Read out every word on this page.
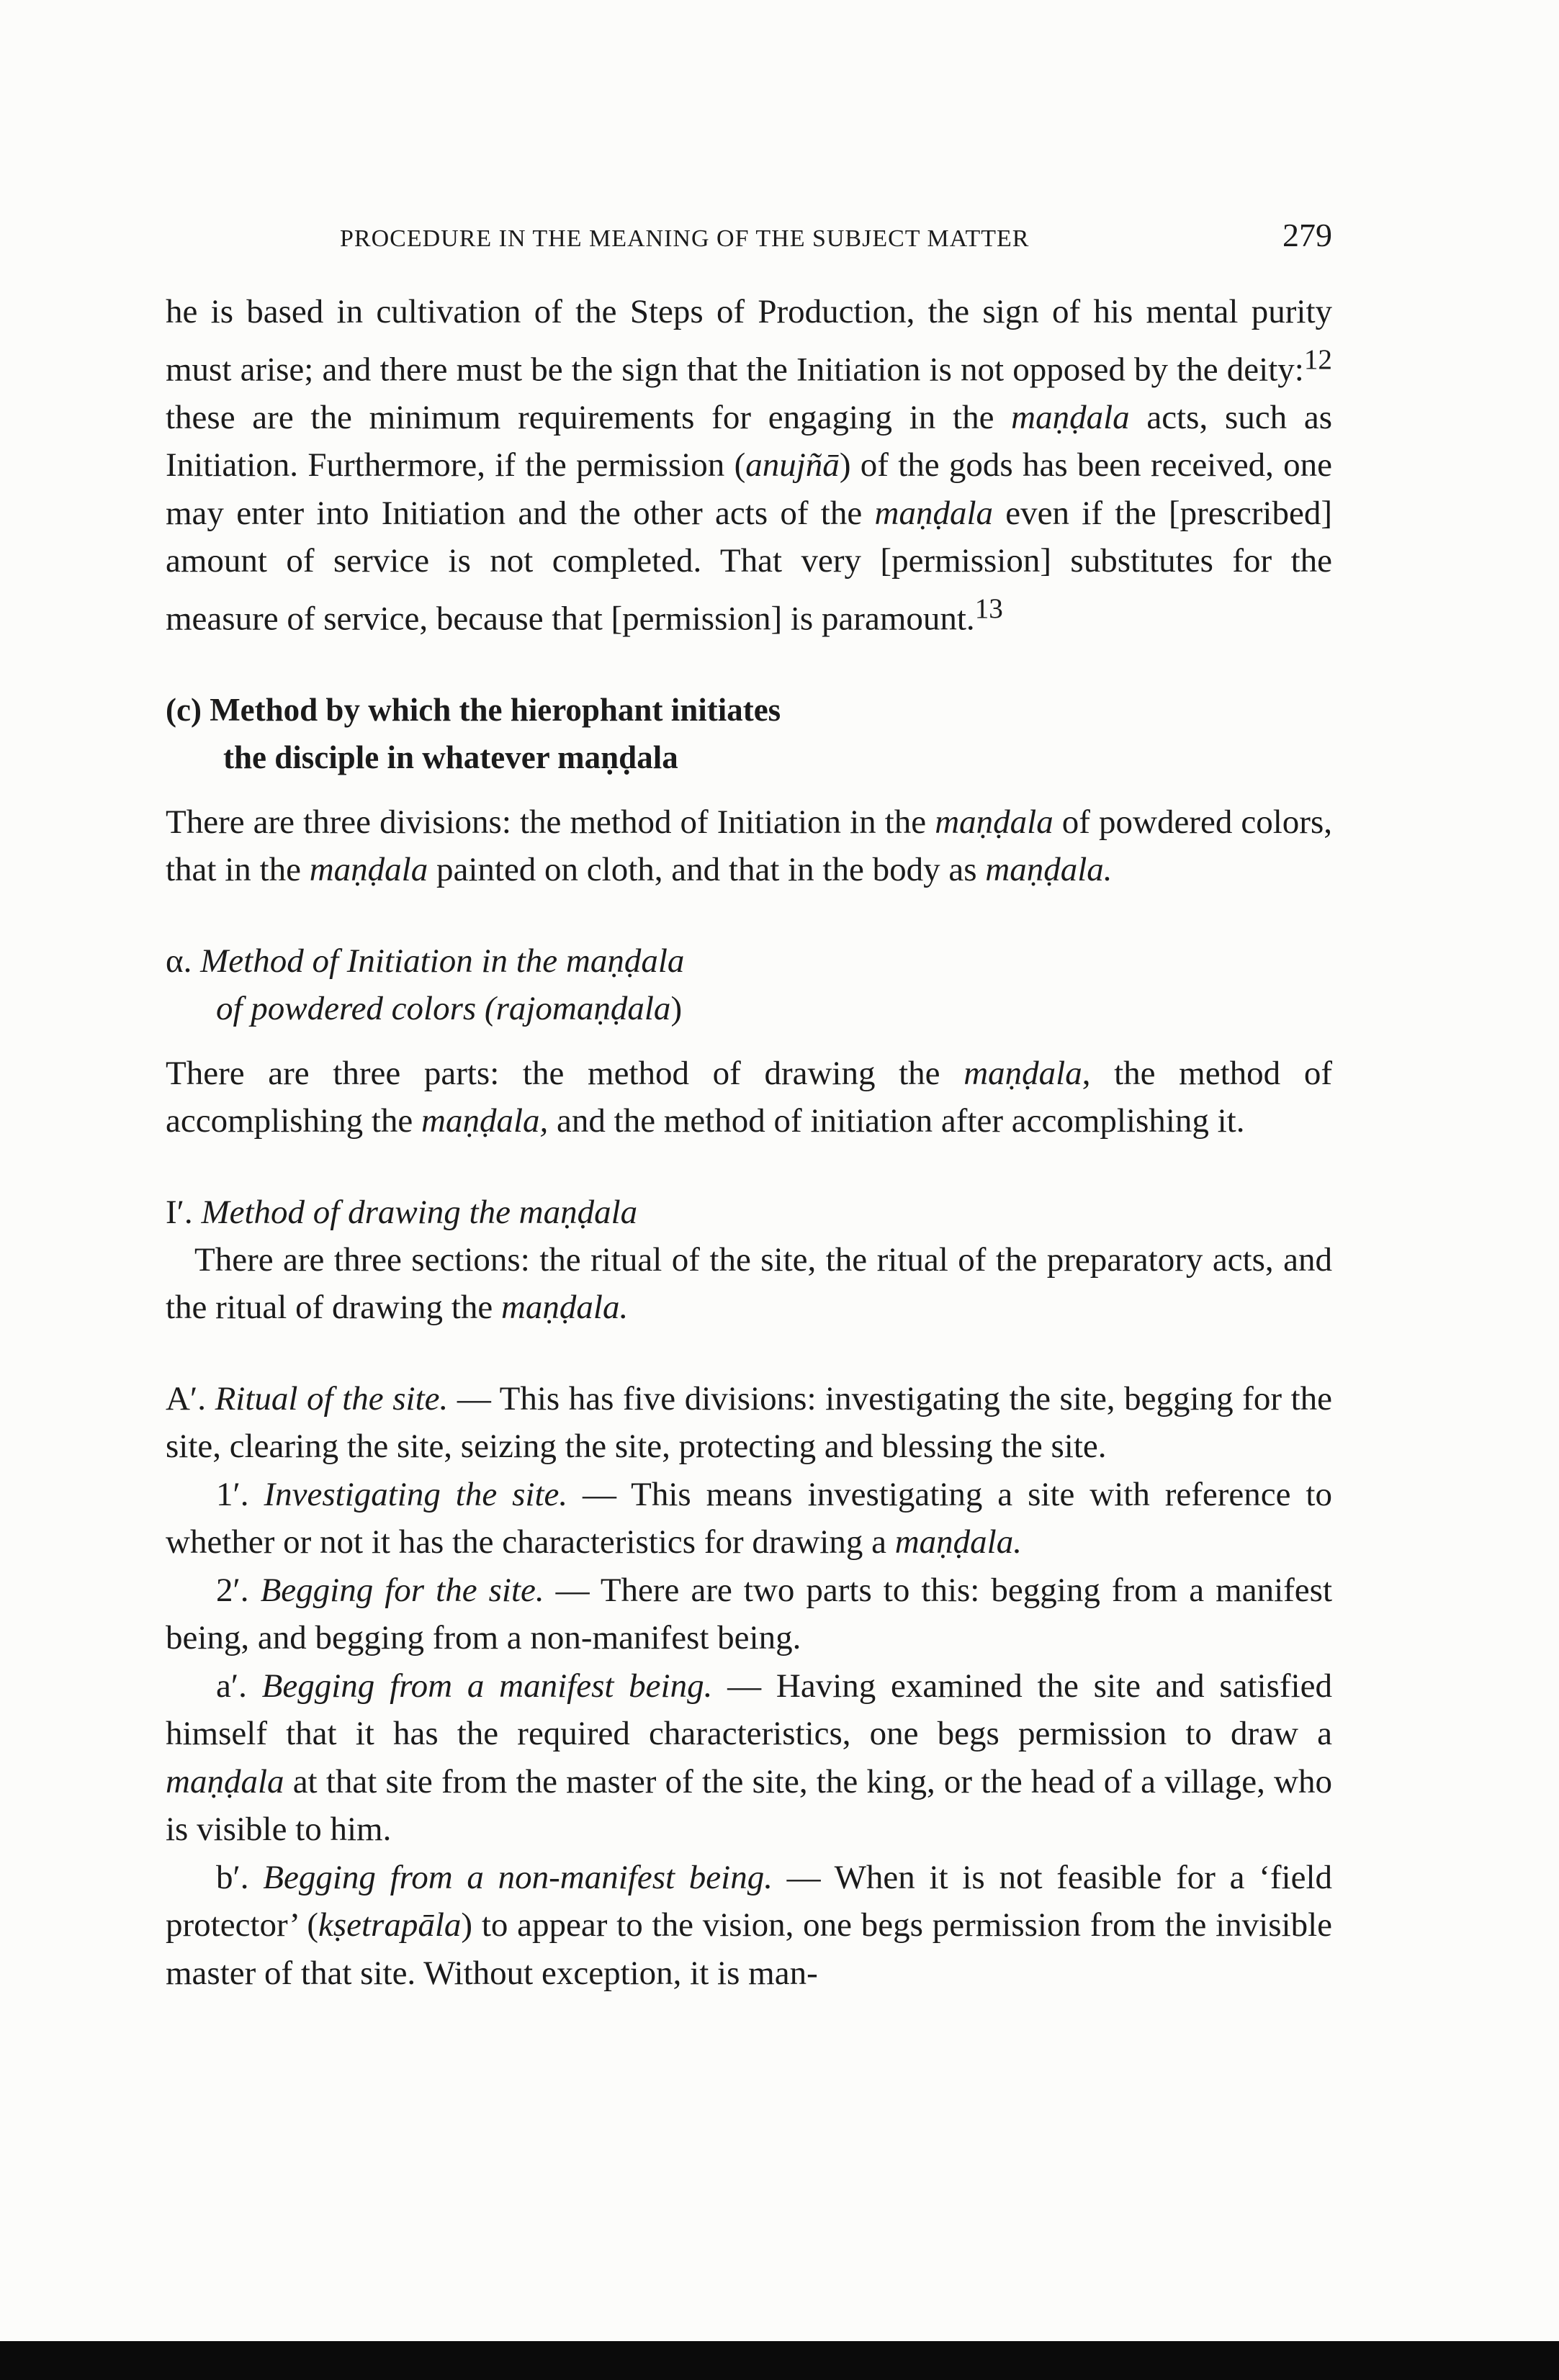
PROCEDURE IN THE MEANING OF THE SUBJECT MATTER	279

he is based in cultivation of the Steps of Production, the sign of his mental purity must arise; and there must be the sign that the Initiation is not opposed by the deity:$^{12}$ these are the minimum requirements for engaging in the maṇḍala acts, such as Initiation. Furthermore, if the permission (anujñā) of the gods has been received, one may enter into Initiation and the other acts of the maṇḍala even if the [prescribed] amount of service is not completed. That very [permission] substitutes for the measure of service, because that [permission] is paramount.$^{13}$

(c) Method by which the hierophant initiates
the disciple in whatever maṇḍala

There are three divisions: the method of Initiation in the maṇḍala of powdered colors, that in the maṇḍala painted on cloth, and that in the body as maṇḍala.

α. Method of Initiation in the maṇḍala
of powdered colors (rajomaṇḍala)

There are three parts: the method of drawing the maṇḍala, the method of accomplishing the maṇḍala, and the method of initiation after accomplishing it.

I′. Method of drawing the maṇḍala

There are three sections: the ritual of the site, the ritual of the preparatory acts, and the ritual of drawing the maṇḍala.

A′. Ritual of the site. — This has five divisions: investigating the site, begging for the site, clearing the site, seizing the site, protecting and blessing the site.

1′. Investigating the site. — This means investigating a site with reference to whether or not it has the characteristics for drawing a maṇḍala.

2′. Begging for the site. — There are two parts to this: begging from a manifest being, and begging from a non-manifest being.

a′. Begging from a manifest being. — Having examined the site and satisfied himself that it has the required characteristics, one begs permission to draw a maṇḍala at that site from the master of the site, the king, or the head of a village, who is visible to him.

b′. Begging from a non-manifest being. — When it is not feasible for a ‘field protector’ (kṣetrapāla) to appear to the vision, one begs permission from the invisible master of that site. Without exception, it is man-
